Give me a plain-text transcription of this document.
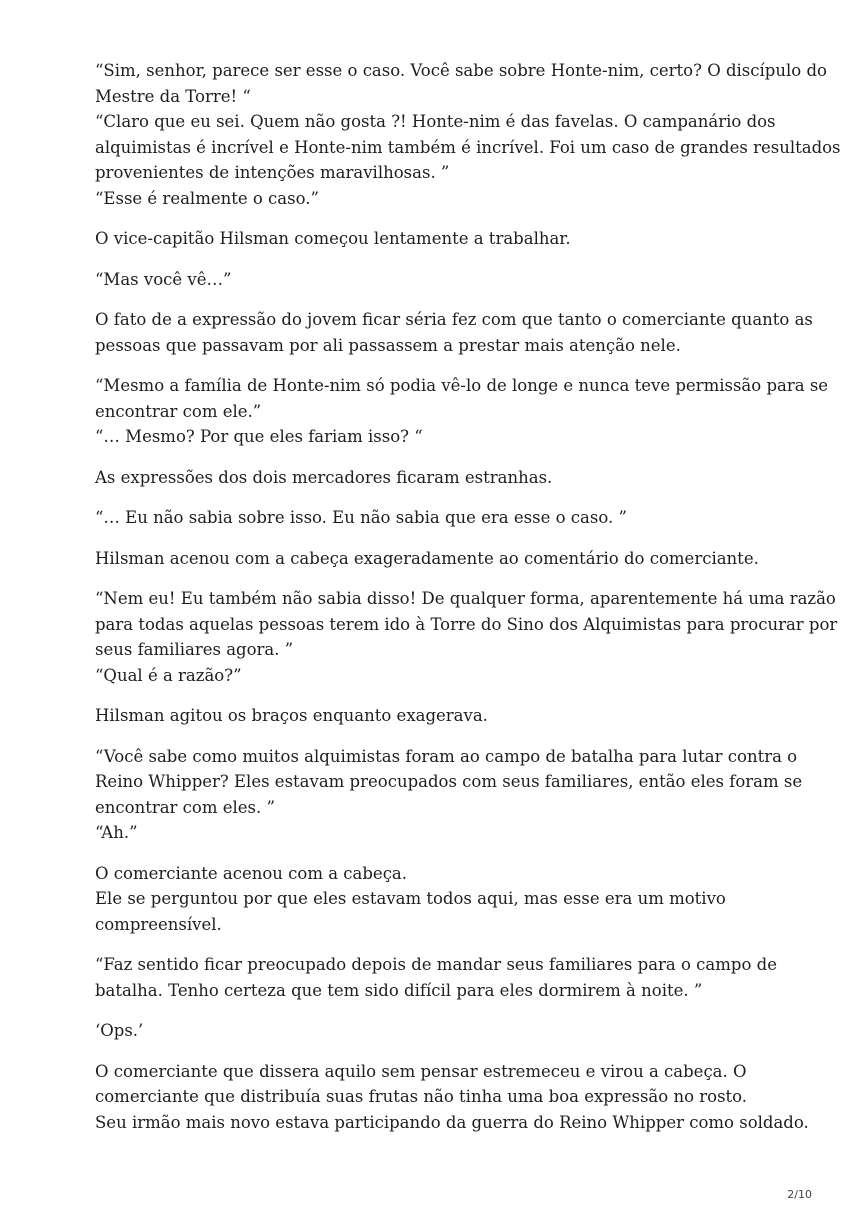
“Sim, senhor, parece ser esse o caso. Você sabe sobre Honte-nim, certo? O discípulo do
Mestre da Torre! “
“Claro que eu sei. Quem não gosta ?! Honte-nim é das favelas. O campanário dos
alquimistas é incrível e Honte-nim também é incrível. Foi um caso de grandes resultados
provenientes de intenções maravilhosas. ”
“Esse é realmente o caso.”

O vice-capitão Hilsman começou lentamente a trabalhar.

“Mas você vê…”

O fato de a expressão do jovem ficar séria fez com que tanto o comerciante quanto as
pessoas que passavam por ali passassem a prestar mais atenção nele.

“Mesmo a família de Honte-nim só podia vê-lo de longe e nunca teve permissão para se
encontrar com ele.”
“… Mesmo? Por que eles fariam isso? “

As expressões dos dois mercadores ficaram estranhas.

“… Eu não sabia sobre isso. Eu não sabia que era esse o caso. ”

Hilsman acenou com a cabeça exageradamente ao comentário do comerciante.

“Nem eu! Eu também não sabia disso! De qualquer forma, aparentemente há uma razão
para todas aquelas pessoas terem ido à Torre do Sino dos Alquimistas para procurar por
seus familiares agora. ”
“Qual é a razão?”

Hilsman agitou os braços enquanto exagerava.

“Você sabe como muitos alquimistas foram ao campo de batalha para lutar contra o
Reino Whipper? Eles estavam preocupados com seus familiares, então eles foram se
encontrar com eles. ”
“Ah.”

O comerciante acenou com a cabeça.
Ele se perguntou por que eles estavam todos aqui, mas esse era um motivo
compreensível.

“Faz sentido ficar preocupado depois de mandar seus familiares para o campo de
batalha. Tenho certeza que tem sido difícil para eles dormirem à noite. ”

‘Ops.’

O comerciante que dissera aquilo sem pensar estremeceu e virou a cabeça. O
comerciante que distribuía suas frutas não tinha uma boa expressão no rosto.
Seu irmão mais novo estava participando da guerra do Reino Whipper como soldado.

2/10
